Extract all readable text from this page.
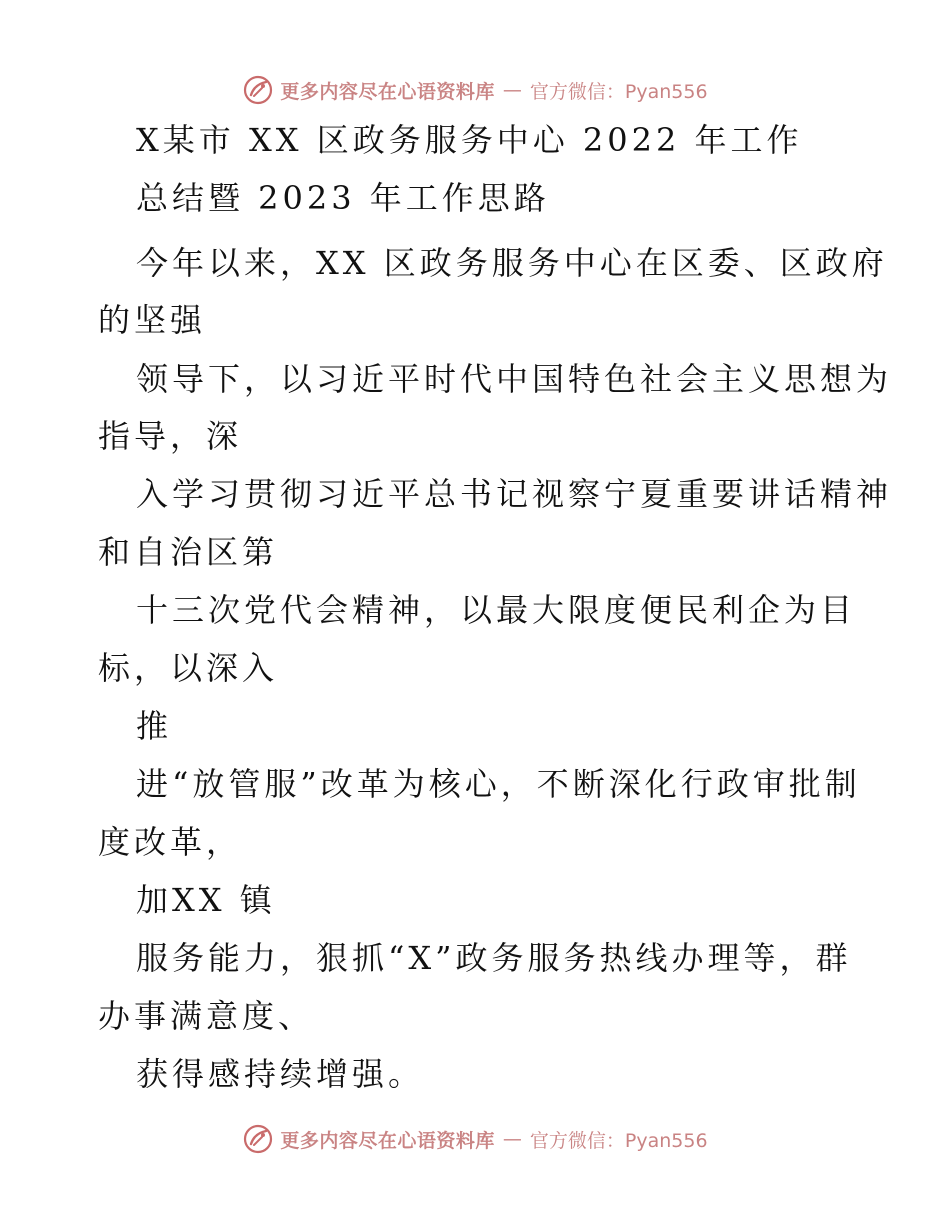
更多内容尽在心语资料库 — 官方微信：Pyan556
X某市 XX 区政务服务中心 2022 年工作
总结暨 2023 年工作思路
今年以来，XX 区政务服务中心在区委、区政府
的坚强
领导下，以习近平时代中国特色社会主义思想为
指导，深
入学习贯彻习近平总书记视察宁夏重要讲话精神
和自治区第
十三次党代会精神，以最大限度便民利企为目
标，以深入
推
进“放管服”改革为核心，不断深化行政审批制
度改革，
加XX 镇
服务能力，狠抓“X”政务服务热线办理等，群
办事满意度、
获得感持续增强。
更多内容尽在心语资料库 — 官方微信：Pyan556
